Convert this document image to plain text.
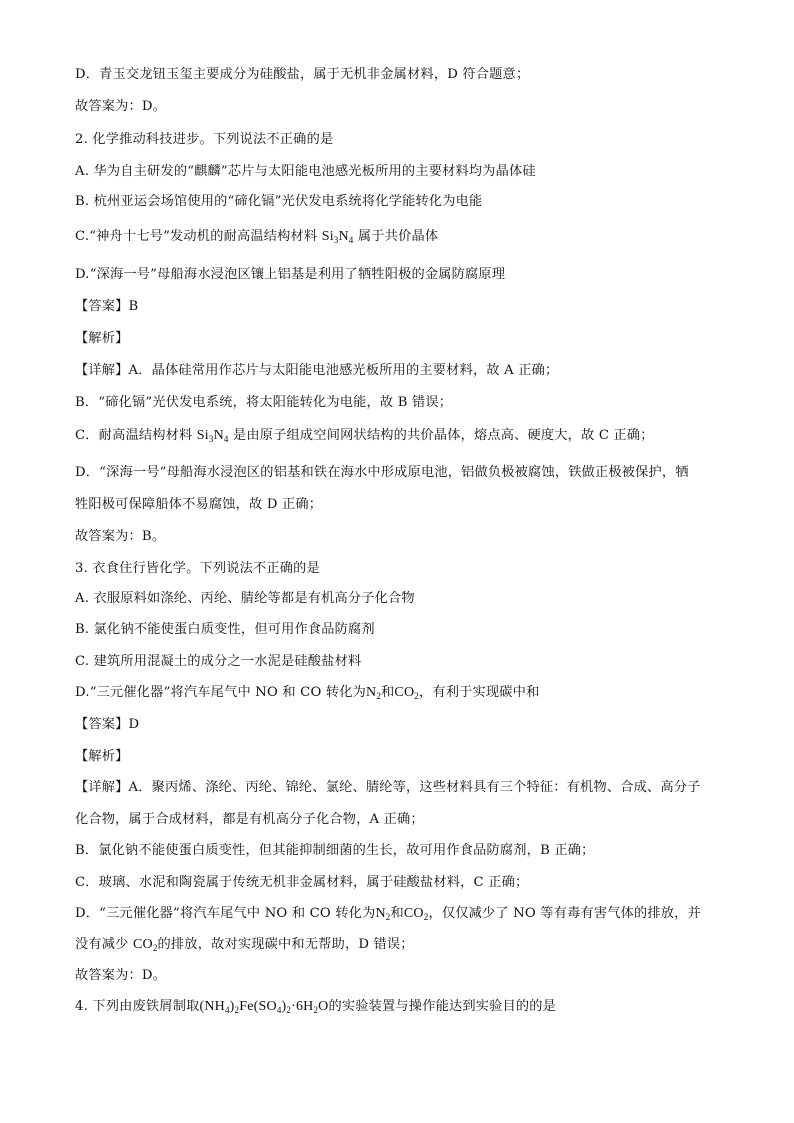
D．青玉交龙钮玉玺主要成分为硅酸盐，属于无机非金属材料，D 符合题意；
故答案为：D。
2. 化学推动科技进步。下列说法不正确的是
A. 华为自主研发的“麒麟”芯片与太阳能电池感光板所用的主要材料均为晶体硅
B. 杭州亚运会场馆使用的“碲化镉”光伏发电系统将化学能转化为电能
C.“神舟十七号”发动机的耐高温结构材料 $Si_3N_4$ 属于共价晶体
D.“深海一号”母船海水浸泡区镶上铝基是利用了牺牲阳极的金属防腐原理
【答案】B
【解析】
【详解】A．晶体硅常用作芯片与太阳能电池感光板所用的主要材料，故 A 正确；
B．“碲化镉”光伏发电系统，将太阳能转化为电能，故 B 错误；
C．耐高温结构材料 $Si_3N_4$ 是由原子组成空间网状结构的共价晶体，熔点高、硬度大，故 C 正确；
D．“深海一号”母船海水浸泡区的铝基和铁在海水中形成原电池，铝做负极被腐蚀，铁做正极被保护，牺
牲阳极可保障船体不易腐蚀，故 D 正确；
故答案为：B。
3. 衣食住行皆化学。下列说法不正确的是
A. 衣服原料如涤纶、丙纶、腈纶等都是有机高分子化合物
B. 氯化钠不能使蛋白质变性，但可用作食品防腐剂
C. 建筑所用混凝土的成分之一水泥是硅酸盐材料
D.“三元催化器”将汽车尾气中 NO 和 CO 转化为$N_2$和$CO_2$，有利于实现碳中和
【答案】D
【解析】
【详解】A．聚丙烯、涤纶、丙纶、锦纶、氯纶、腈纶等，这些材料具有三个特征：有机物、合成、高分子
化合物，属于合成材料，都是有机高分子化合物，A 正确；
B．氯化钠不能使蛋白质变性，但其能抑制细菌的生长，故可用作食品防腐剂，B 正确；
C．玻璃、水泥和陶瓷属于传统无机非金属材料，属于硅酸盐材料，C 正确；
D．“三元催化器”将汽车尾气中 NO 和 CO 转化为$N_2$和$CO_2$，仅仅减少了 NO 等有毒有害气体的排放，并
没有减少 $CO_2$的排放，故对实现碳中和无帮助，D 错误；
故答案为：D。
4. 下列由废铁屑制取$(NH_4)_2Fe(SO_4)_2\cdot 6H_2O$的实验装置与操作能达到实验目的的是
